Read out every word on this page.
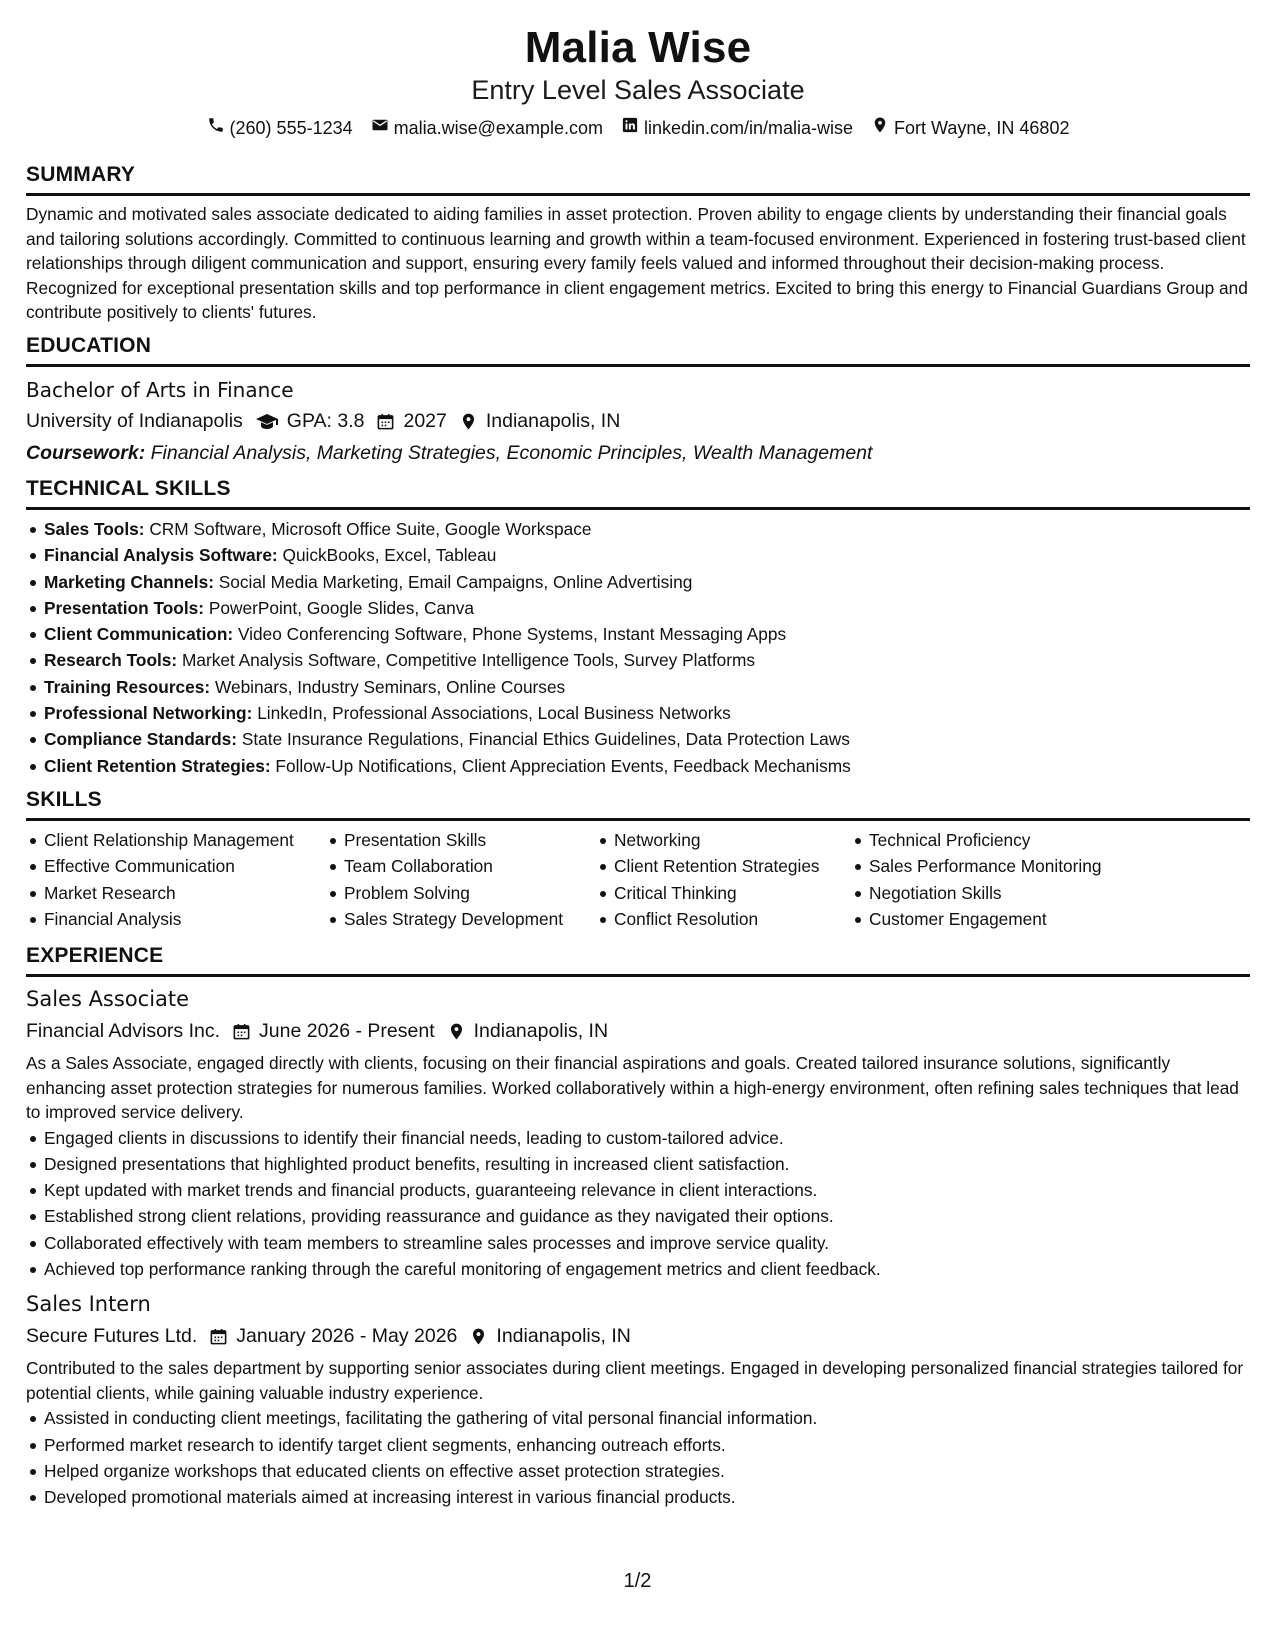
Malia Wise
Entry Level Sales Associate
(260) 555-1234 malia.wise@example.com linkedin.com/in/malia-wise Fort Wayne, IN 46802
SUMMARY
Dynamic and motivated sales associate dedicated to aiding families in asset protection. Proven ability to engage clients by understanding their financial goals and tailoring solutions accordingly. Committed to continuous learning and growth within a team-focused environment. Experienced in fostering trust-based client relationships through diligent communication and support, ensuring every family feels valued and informed throughout their decision-making process. Recognized for exceptional presentation skills and top performance in client engagement metrics. Excited to bring this energy to Financial Guardians Group and contribute positively to clients' futures.
EDUCATION
Bachelor of Arts in Finance
University of Indianapolis GPA: 3.8 2027 Indianapolis, IN
Coursework: Financial Analysis, Marketing Strategies, Economic Principles, Wealth Management
TECHNICAL SKILLS
Sales Tools: CRM Software, Microsoft Office Suite, Google Workspace
Financial Analysis Software: QuickBooks, Excel, Tableau
Marketing Channels: Social Media Marketing, Email Campaigns, Online Advertising
Presentation Tools: PowerPoint, Google Slides, Canva
Client Communication: Video Conferencing Software, Phone Systems, Instant Messaging Apps
Research Tools: Market Analysis Software, Competitive Intelligence Tools, Survey Platforms
Training Resources: Webinars, Industry Seminars, Online Courses
Professional Networking: LinkedIn, Professional Associations, Local Business Networks
Compliance Standards: State Insurance Regulations, Financial Ethics Guidelines, Data Protection Laws
Client Retention Strategies: Follow-Up Notifications, Client Appreciation Events, Feedback Mechanisms
SKILLS
Client Relationship Management
Effective Communication
Market Research
Financial Analysis
Presentation Skills
Team Collaboration
Problem Solving
Sales Strategy Development
Networking
Client Retention Strategies
Critical Thinking
Conflict Resolution
Technical Proficiency
Sales Performance Monitoring
Negotiation Skills
Customer Engagement
EXPERIENCE
Sales Associate
Financial Advisors Inc. June 2026 - Present Indianapolis, IN
As a Sales Associate, engaged directly with clients, focusing on their financial aspirations and goals. Created tailored insurance solutions, significantly enhancing asset protection strategies for numerous families. Worked collaboratively within a high-energy environment, often refining sales techniques that lead to improved service delivery.
Engaged clients in discussions to identify their financial needs, leading to custom-tailored advice.
Designed presentations that highlighted product benefits, resulting in increased client satisfaction.
Kept updated with market trends and financial products, guaranteeing relevance in client interactions.
Established strong client relations, providing reassurance and guidance as they navigated their options.
Collaborated effectively with team members to streamline sales processes and improve service quality.
Achieved top performance ranking through the careful monitoring of engagement metrics and client feedback.
Sales Intern
Secure Futures Ltd. January 2026 - May 2026 Indianapolis, IN
Contributed to the sales department by supporting senior associates during client meetings. Engaged in developing personalized financial strategies tailored for potential clients, while gaining valuable industry experience.
Assisted in conducting client meetings, facilitating the gathering of vital personal financial information.
Performed market research to identify target client segments, enhancing outreach efforts.
Helped organize workshops that educated clients on effective asset protection strategies.
Developed promotional materials aimed at increasing interest in various financial products.
1/2
